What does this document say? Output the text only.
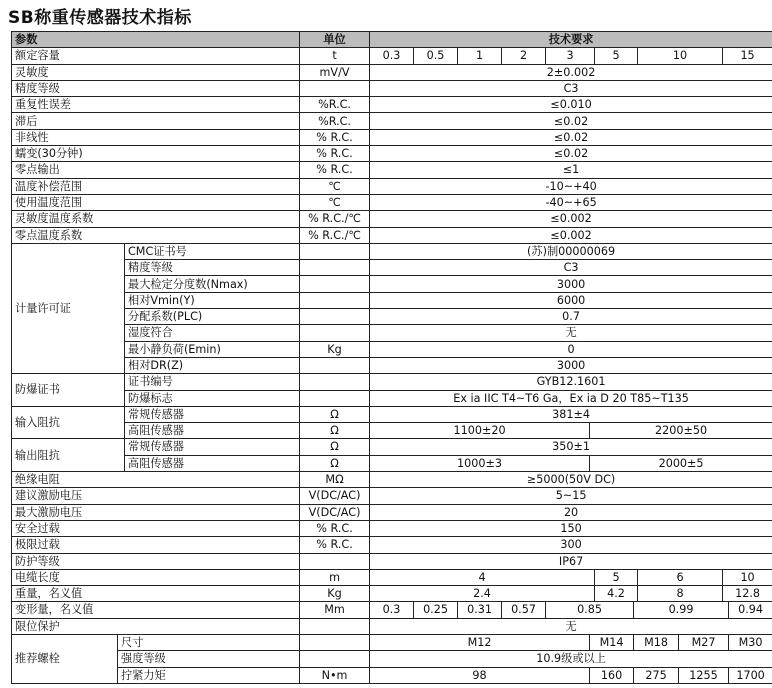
SB称重传感器技术指标
参数			单位	技术要求												
额定容量			t	0.3	0.5	1	2	3		5		10		15	
灵敏度			mV/V	2±0.002												
精度等级				C3												
重复性误差			%R.C.	≤0.010												
滞后			%R.C.	≤0.02												
非线性			% R.C.	≤0.02												
蠕变(30分钟)			% R.C.	≤0.02												
零点输出			% R.C.	≤1												
温度补偿范围			℃	-10~+40												
使用温度范围			℃	-40~+65												
灵敏度温度系数			% R.C./℃	≤0.002												
零点温度系数			% R.C./℃	≤0.002												
计量许可证		CMC证书号		(苏)制00000069												
		精度等级		C3												
		最大检定分度数(Nmax)		3000												
		相对Vmin(Y)		6000												
		分配系数(PLC)		0.7												
		湿度符合		无												
		最小静负荷(Emin)	Kg	0												
		相对DR(Z)		3000												
防爆证书		证书编号		GYB12.1601												
		防爆标志		Ex ia IIC T4~T6 Ga，Ex ia D 20 T85~T135												
输入阻抗		常规传感器	Ω	381±4												
		高阻传感器	Ω	1100±20					2200±50							
输出阻抗		常规传感器	Ω	350±1												
		高阻传感器	Ω	1000±3					2000±5							
绝缘电阻			MΩ	≥5000(50V DC)												
建议激励电压			V(DC/AC)	5~15												
最大激励电压			V(DC/AC)	20												
安全过载			% R.C.	150												
极限过载			% R.C.	300												
防护等级				IP67												
电缆长度			m	4						5		6		10		
重量，名义值			Kg	2.4						4.2		8		12.8		
变形量，名义值			Mm	0.3	0.25	0.31	0.57	0.85			0.99				0.94	
限位保护				无												
推荐螺栓	尺寸			M12					M14		M18		M27		M30	
	强度等级			10.9级或以上												
	拧紧力矩		N•m	98					160		275		1255		1700	
